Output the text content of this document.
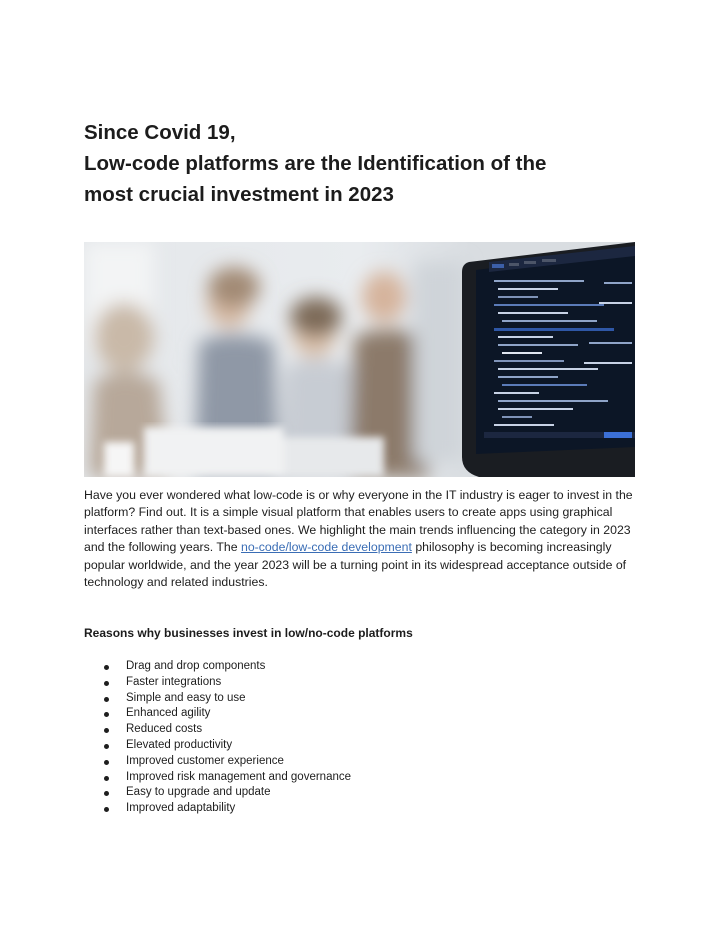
Since Covid 19,
Low-code platforms are the Identification of the
most crucial investment in 2023

Have you ever wondered what low-code is or why everyone in the IT industry is eager to invest in the platform? Find out. It is a simple visual platform that enables users to create apps using graphical interfaces rather than text-based ones. We highlight the main trends influencing the category in 2023 and the following years. The no-code/low-code development philosophy is becoming increasingly popular worldwide, and the year 2023 will be a turning point in its widespread acceptance outside of technology and related industries.

Reasons why businesses invest in low/no-code platforms

Drag and drop components
Faster integrations
Simple and easy to use
Enhanced agility
Reduced costs
Elevated productivity
Improved customer experience
Improved risk management and governance
Easy to upgrade and update
Improved adaptability
